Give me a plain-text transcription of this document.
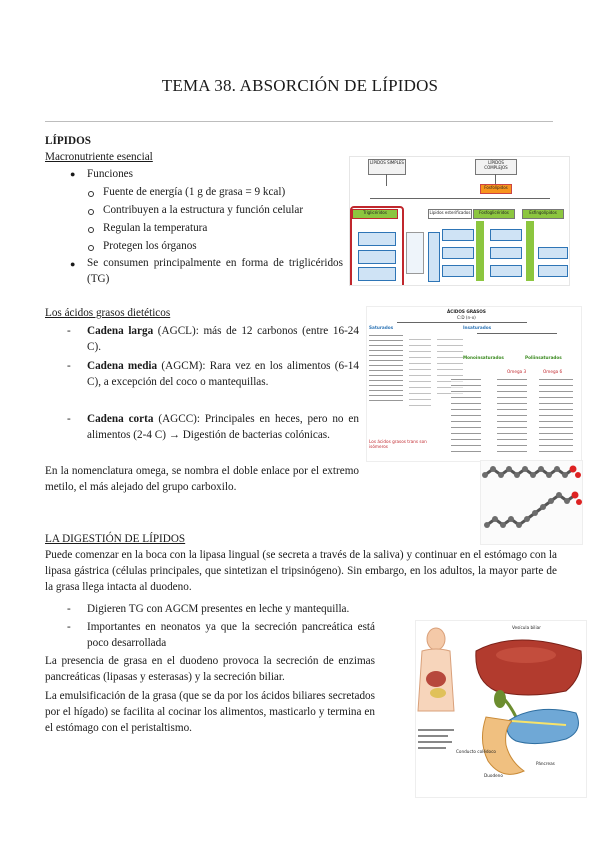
TEMA 38. ABSORCIÓN DE LÍPIDOS
LÍPIDOS
Macronutriente esencial
● Funciones
Fuente de energía (1 g de grasa = 9 kcal)
Contribuyen a la estructura y función celular
Regulan la temperatura
Protegen los órganos
● Se consumen principalmente en forma de triglicéridos (TG)
LÍPIDOS SIMPLES	LÍPIDOS COMPLEJOS
Fosfolípidos
Triglicéridos	Lípidos esterificados	Fosfoglicéridos	Esfingolípidos
Los ácidos grasos dietéticos
- Cadena larga (AGCL): más de 12 carbonos (entre 16-24 C).
- Cadena media (AGCM): Rara vez en los alimentos (6-14 C), a excepción del coco o mantequillas.
- Cadena corta (AGCC): Principales en heces, pero no en alimentos (2-4 C) → Digestión de bacterias colónicas.
En la nomenclatura omega, se nombra el doble enlace por el extremo metilo, el más alejado del grupo carboxilo.
ÁCIDOS GRASOS
C:D (n-x)
Saturados	Insaturados
Monoinsaturados	Poliinsaturados
Omega 3	Omega 6
Los ácidos grasos trans son isómeros
LA DIGESTIÓN DE LÍPIDOS
Puede comenzar en la boca con la lipasa lingual (se secreta a través de la saliva) y continuar en el estómago con la lipasa gástrica (células principales, que sintetizan el tripsinógeno). Sin embargo, en los adultos, la mayor parte de la grasa llega intacta al duodeno.
- Digieren TG con AGCM presentes en leche y mantequilla.
- Importantes en neonatos ya que la secreción pancreática está poco desarrollada
La presencia de grasa en el duodeno provoca la secreción de enzimas pancreáticas (lipasas y esterasas) y la secreción biliar.
La emulsificación de la grasa (que se da por los ácidos biliares secretados por el hígado) se facilita al cocinar los alimentos, masticarlo y termina en el estómago con el peristaltismo.
Vesícula biliar
Conducto colédoco
Páncreas
Duodeno
